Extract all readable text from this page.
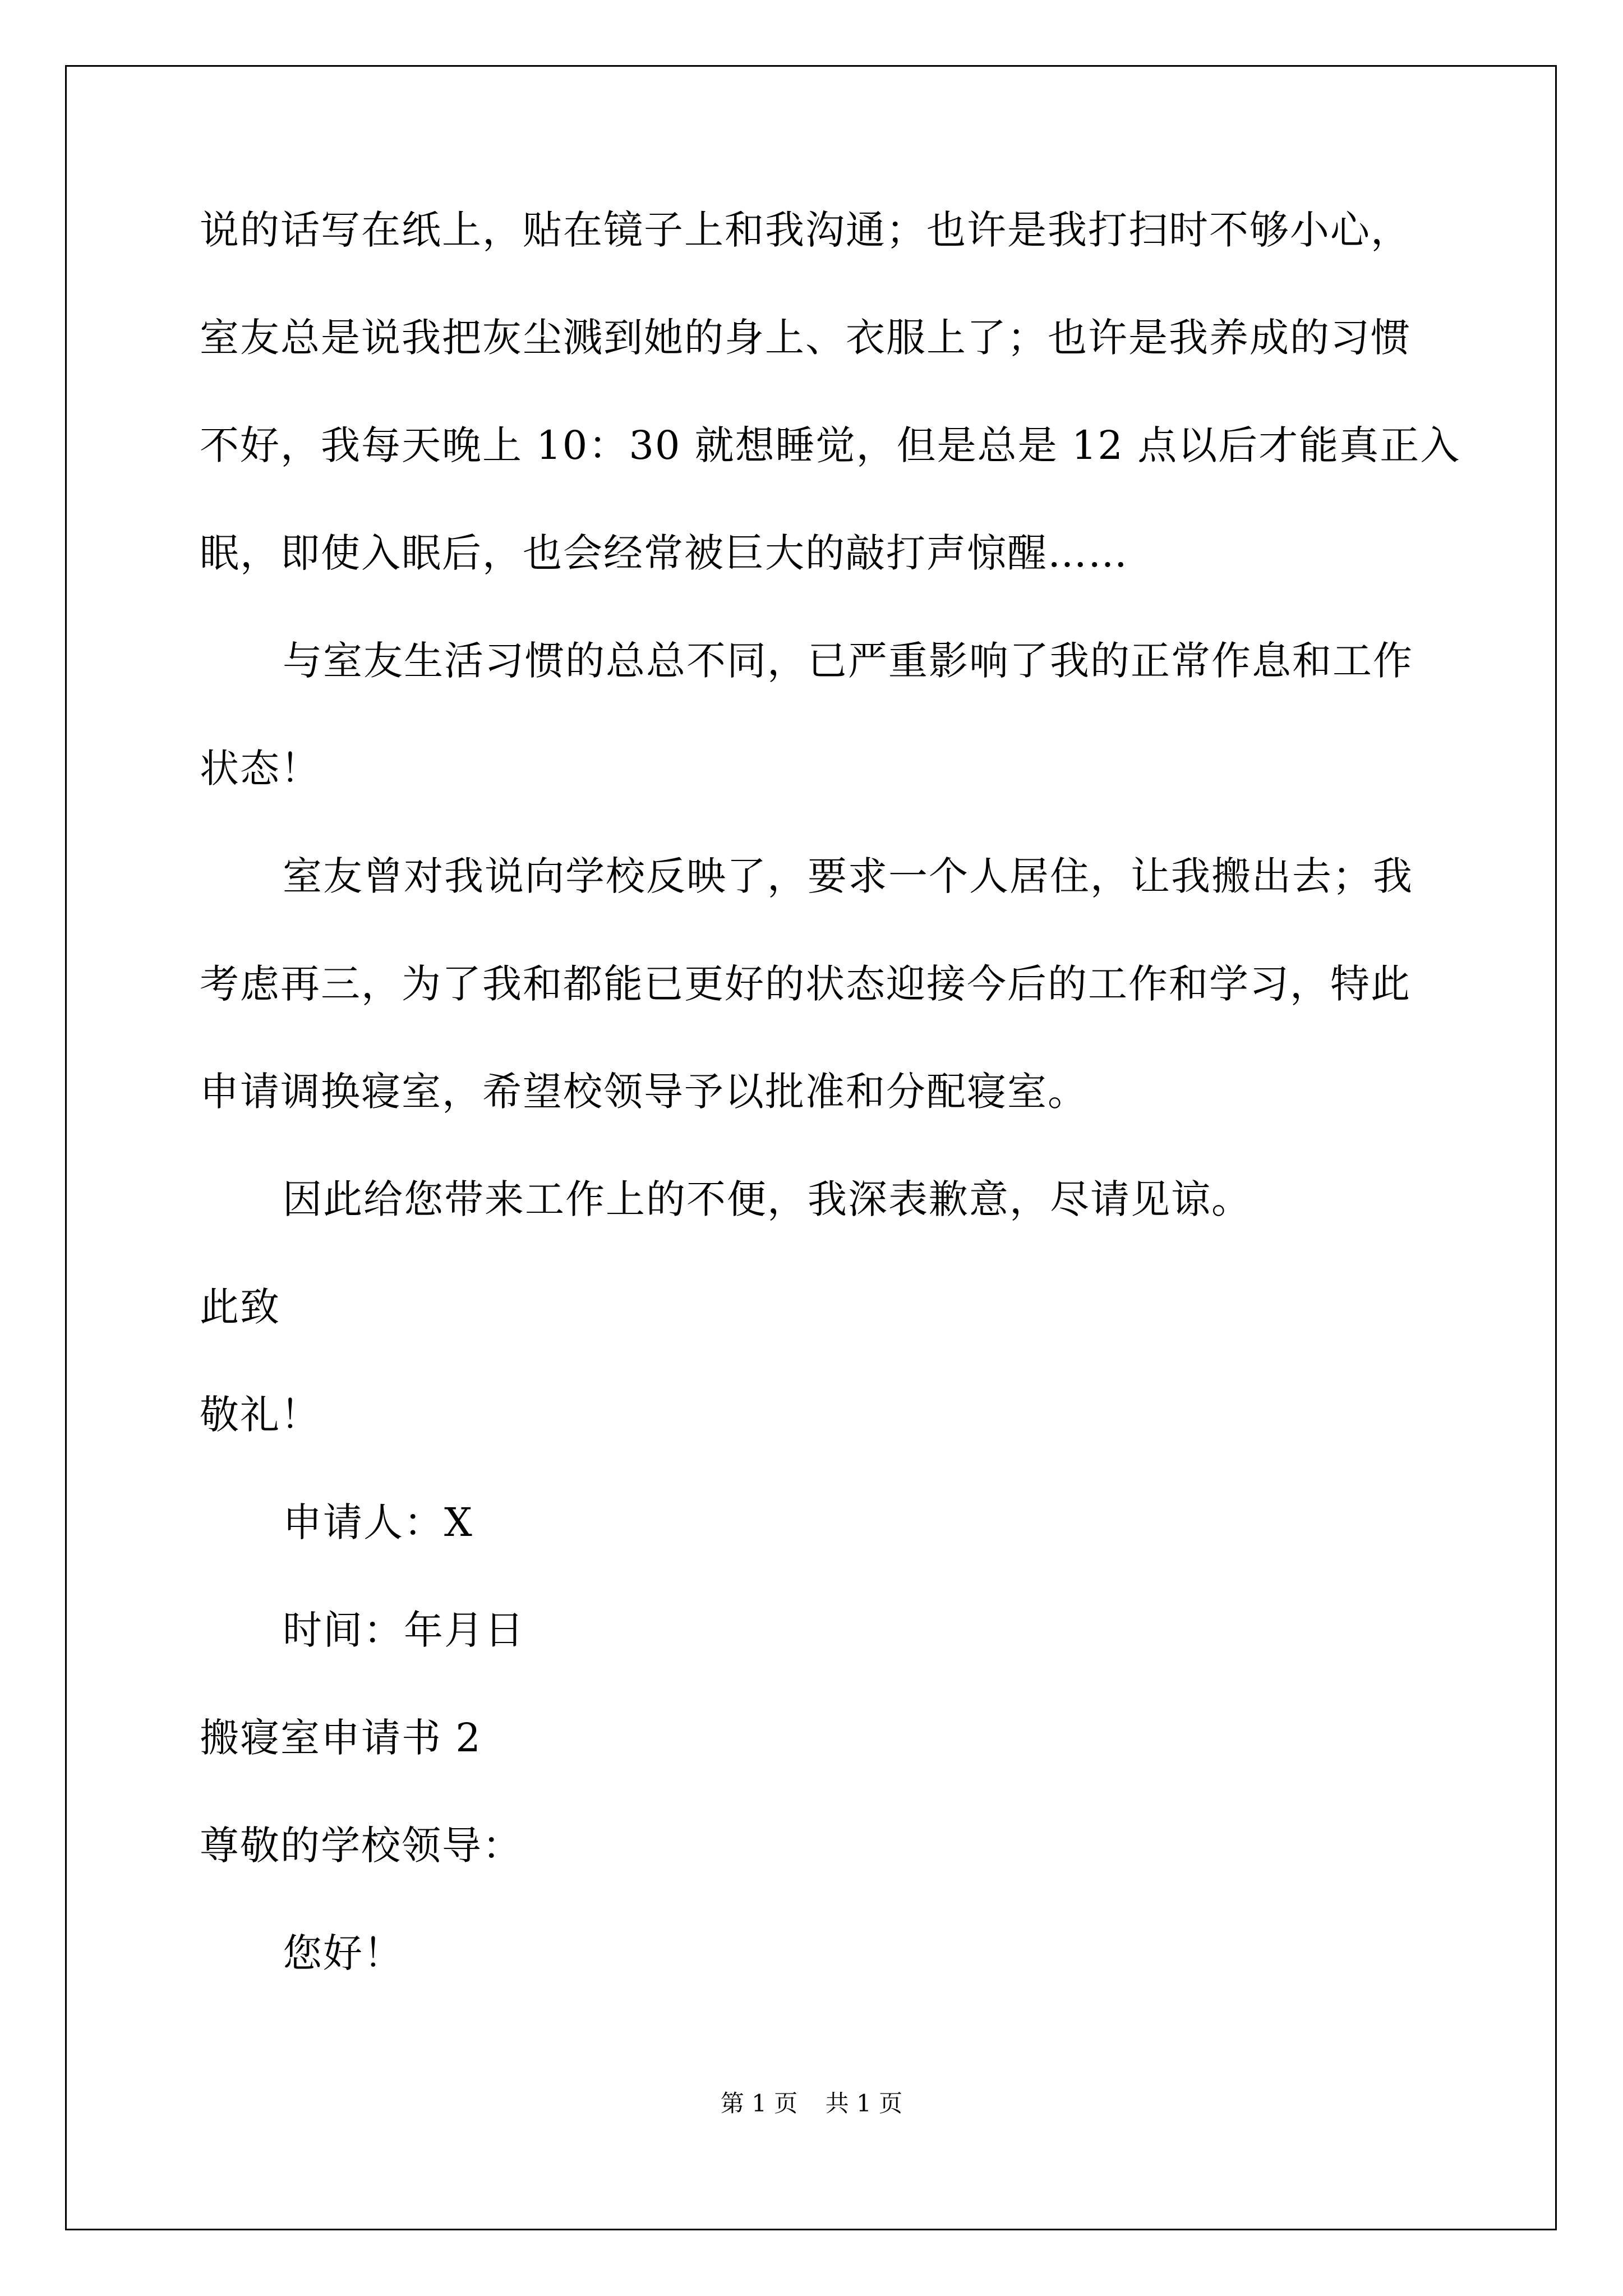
说的话写在纸上，贴在镜子上和我沟通；也许是我打扫时不够小心，
室友总是说我把灰尘溅到她的身上、衣服上了；也许是我养成的习惯
不好，我每天晚上 10：30 就想睡觉，但是总是 12 点以后才能真正入
眠，即使入眠后，也会经常被巨大的敲打声惊醒……
与室友生活习惯的总总不同，已严重影响了我的正常作息和工作
状态！
室友曾对我说向学校反映了，要求一个人居住，让我搬出去；我
考虑再三，为了我和都能已更好的状态迎接今后的工作和学习，特此
申请调换寝室，希望校领导予以批准和分配寝室。
因此给您带来工作上的不便，我深表歉意，尽请见谅。
此致
敬礼！
申请人：X
时间：年月日
搬寝室申请书 2
尊敬的学校领导：
您好！
第 1 页 共 1 页
